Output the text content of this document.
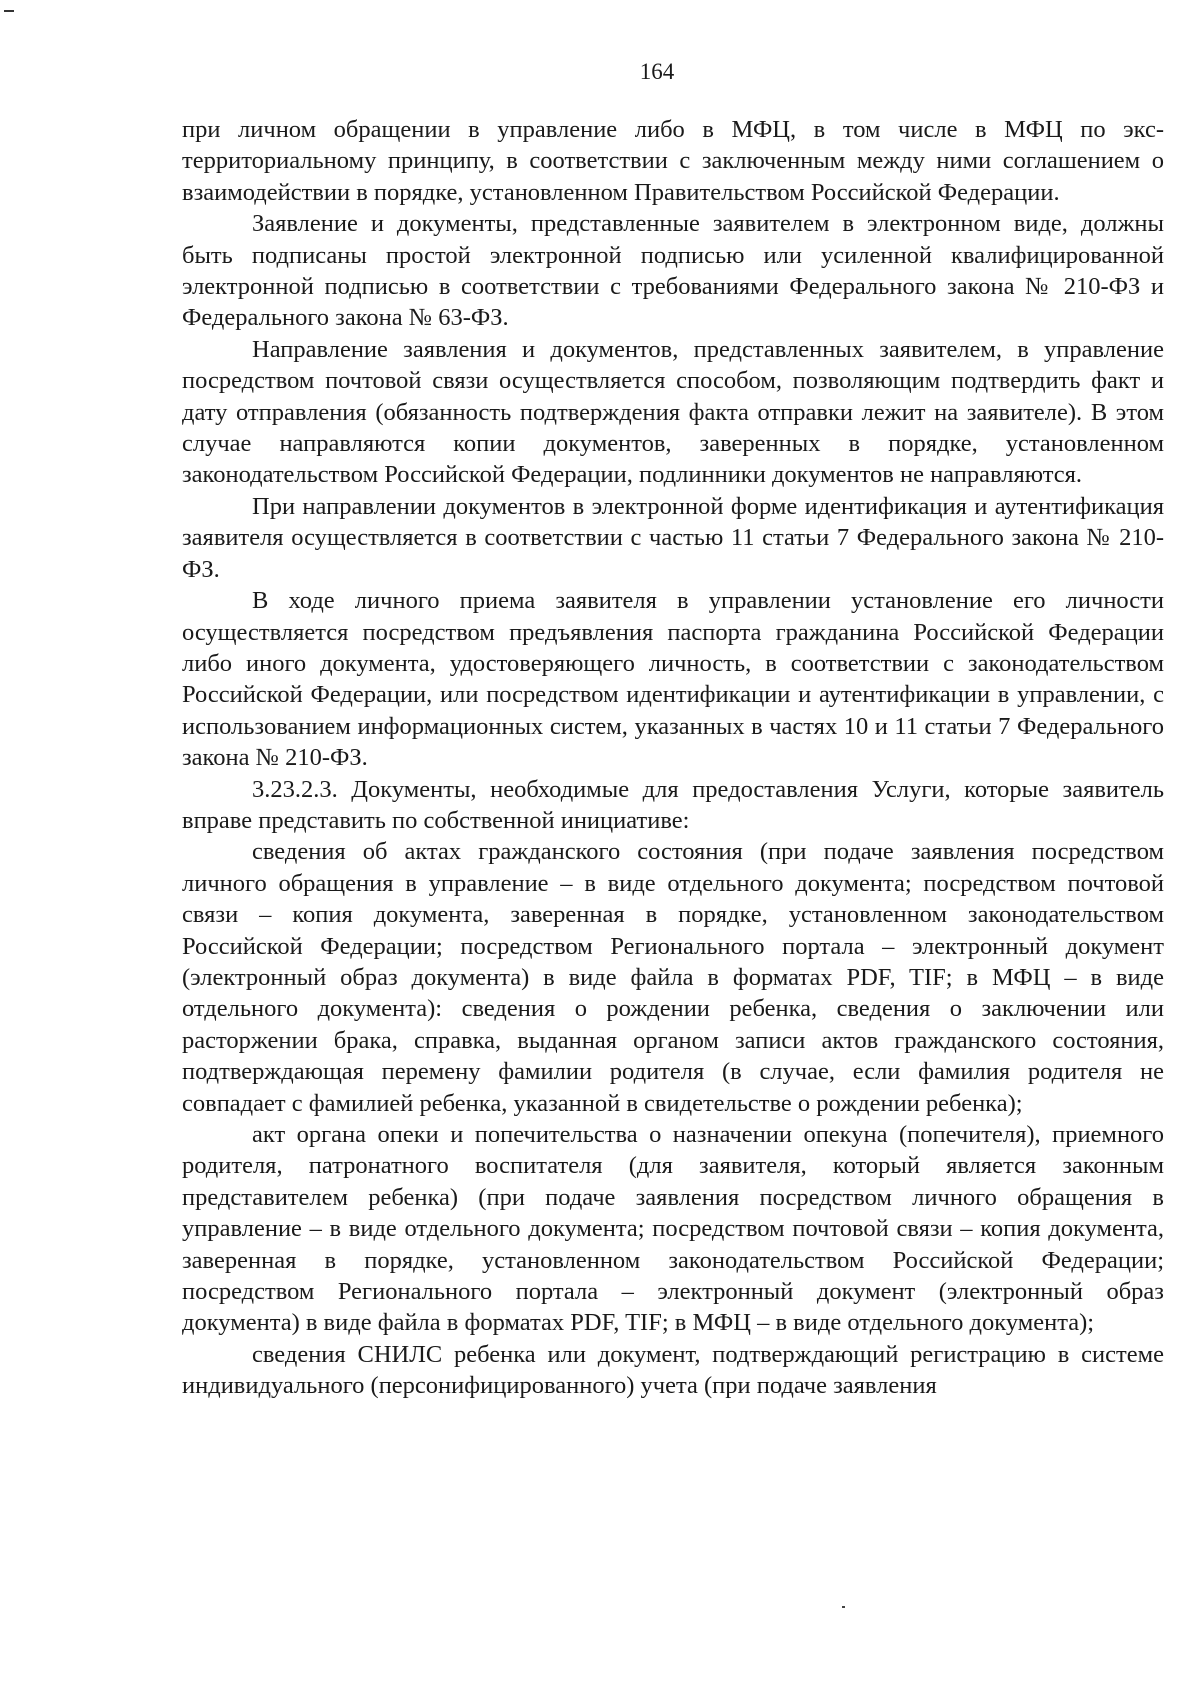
164

при личном обращении в управление либо в МФЦ, в том числе в МФЦ по экстерриториальному принципу, в соответствии с заключенным между ними соглашением о взаимодействии в порядке, установленном Правительством Российской Федерации.

Заявление и документы, представленные заявителем в электронном виде, должны быть подписаны простой электронной подписью или усиленной квалифицированной электронной подписью в соответствии с требованиями Федерального закона № 210-ФЗ и Федерального закона № 63-ФЗ.

Направление заявления и документов, представленных заявителем, в управление посредством почтовой связи осуществляется способом, позволяющим подтвердить факт и дату отправления (обязанность подтверждения факта отправки лежит на заявителе). В этом случае направляются копии документов, заверенных в порядке, установленном законодательством Российской Федерации, подлинники документов не направляются.

При направлении документов в электронной форме идентификация и аутентификация заявителя осуществляется в соответствии с частью 11 статьи 7 Федерального закона № 210-ФЗ.

В ходе личного приема заявителя в управлении установление его личности осуществляется посредством предъявления паспорта гражданина Российской Федерации либо иного документа, удостоверяющего личность, в соответствии с законодательством Российской Федерации, или посредством идентификации и аутентификации в управлении, с использованием информационных систем, указанных в частях 10 и 11 статьи 7 Федерального закона № 210-ФЗ.

3.23.2.3. Документы, необходимые для предоставления Услуги, которые заявитель вправе представить по собственной инициативе:

сведения об актах гражданского состояния (при подаче заявления посредством личного обращения в управление – в виде отдельного документа; посредством почтовой связи – копия документа, заверенная в порядке, установленном законодательством Российской Федерации; посредством Регионального портала – электронный документ (электронный образ документа) в виде файла в форматах PDF, TIF; в МФЦ – в виде отдельного документа): сведения о рождении ребенка, сведения о заключении или расторжении брака, справка, выданная органом записи актов гражданского состояния, подтверждающая перемену фамилии родителя (в случае, если фамилия родителя не совпадает с фамилией ребенка, указанной в свидетельстве о рождении ребенка);

акт органа опеки и попечительства о назначении опекуна (попечителя), приемного родителя, патронатного воспитателя (для заявителя, который является законным представителем ребенка) (при подаче заявления посредством личного обращения в управление – в виде отдельного документа; посредством почтовой связи – копия документа, заверенная в порядке, установленном законодательством Российской Федерации; посредством Регионального портала – электронный документ (электронный образ документа) в виде файла в форматах PDF, TIF; в МФЦ – в виде отдельного документа);

сведения СНИЛС ребенка или документ, подтверждающий регистрацию в системе индивидуального (персонифицированного) учета (при подаче заявления
